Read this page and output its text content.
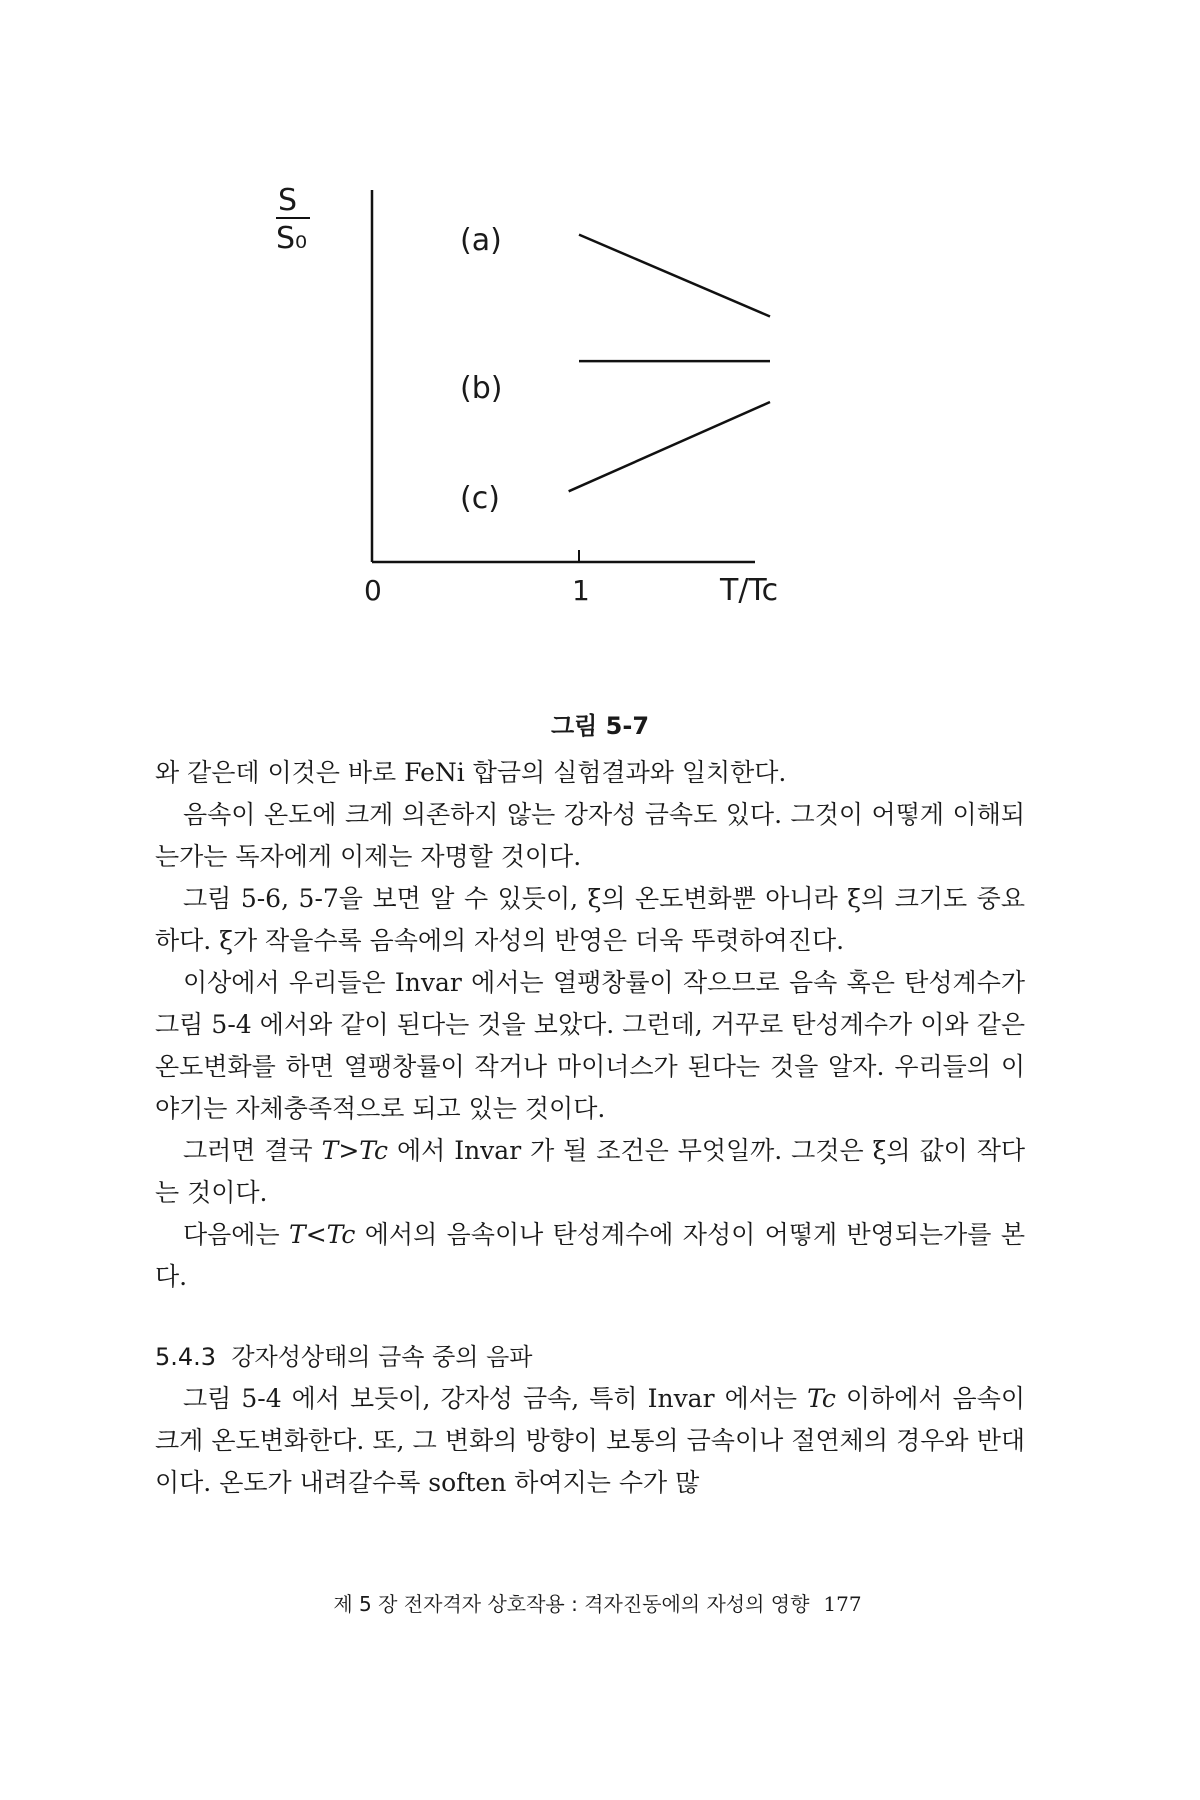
S
S₀
0	1	T/Tc
(a)
(b)
(c)
그림 5-7

와 같은데 이것은 바로 FeNi 합금의 실험결과와 일치한다.

음속이 온도에 크게 의존하지 않는 강자성 금속도 있다. 그것이 어떻게 이해되는가는 독자에게 이제는 자명할 것이다.

그림 5-6, 5-7을 보면 알 수 있듯이, ξ의 온도변화뿐 아니라 ξ의 크기도 중요하다. ξ가 작을수록 음속에의 자성의 반영은 더욱 뚜렷하여진다.

이상에서 우리들은 Invar 에서는 열팽창률이 작으므로 음속 혹은 탄성계수가 그림 5-4 에서와 같이 된다는 것을 보았다. 그런데, 거꾸로 탄성계수가 이와 같은 온도변화를 하면 열팽창률이 작거나 마이너스가 된다는 것을 알자. 우리들의 이야기는 자체충족적으로 되고 있는 것이다.

그러면 결국 T>Tc 에서 Invar 가 될 조건은 무엇일까. 그것은 ξ의 값이 작다는 것이다.

다음에는 T<Tc 에서의 음속이나 탄성계수에 자성이 어떻게 반영되는가를 본다.

5.4.3 강자성상태의 금속 중의 음파

그림 5-4 에서 보듯이, 강자성 금속, 특히 Invar 에서는 Tc 이하에서 음속이 크게 온도변화한다. 또, 그 변화의 방향이 보통의 금속이나 절연체의 경우와 반대이다. 온도가 내려갈수록 soften 하여지는 수가 많

제 5 장 전자격자 상호작용 : 격자진동에의 자성의 영향 177
